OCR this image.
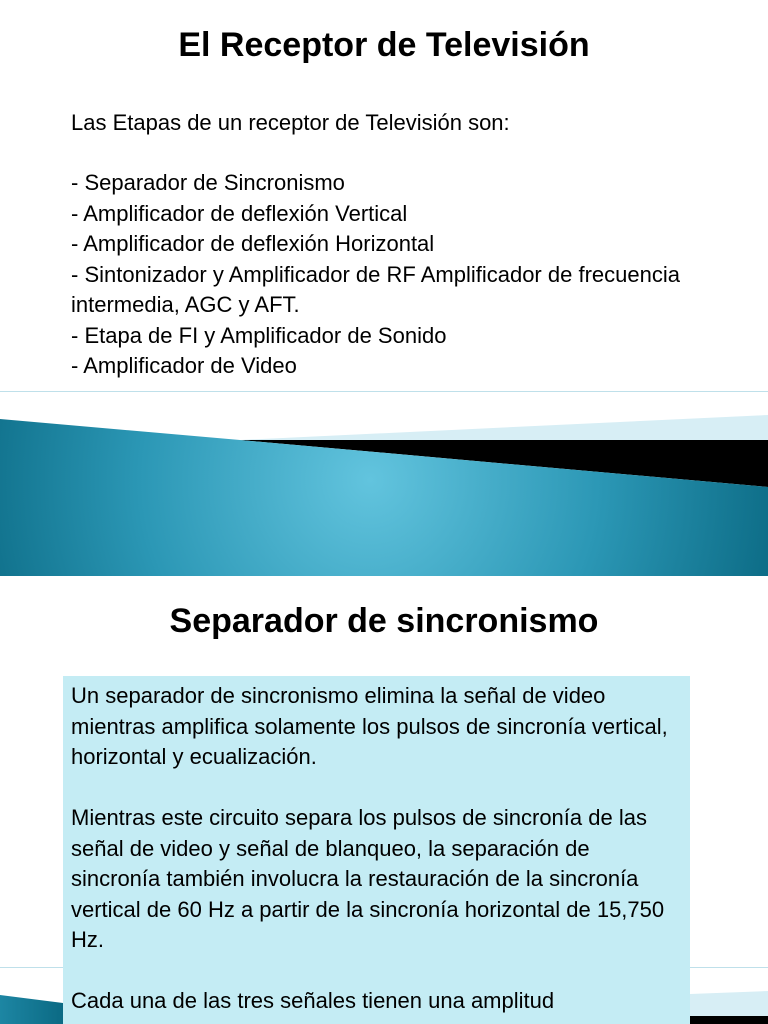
El Receptor de Televisión

Las Etapas de un receptor de Televisión son:

- Separador de Sincronismo
- Amplificador de deflexión Vertical
- Amplificador de deflexión Horizontal
- Sintonizador y Amplificador de RF Amplificador de frecuencia intermedia, AGC y AFT.
- Etapa de FI y Amplificador de Sonido
- Amplificador de Video
Separador de sincronismo

Un separador de sincronismo elimina la señal de video mientras amplifica solamente los pulsos de sincronía vertical, horizontal y ecualización.

Mientras este circuito separa los pulsos de sincronía de las señal de video y señal de blanqueo, la separación de sincronía también involucra la restauración de la sincronía vertical de 60 Hz a partir de la sincronía horizontal de 15,750 Hz.

Cada una de las tres señales tienen una amplitud
